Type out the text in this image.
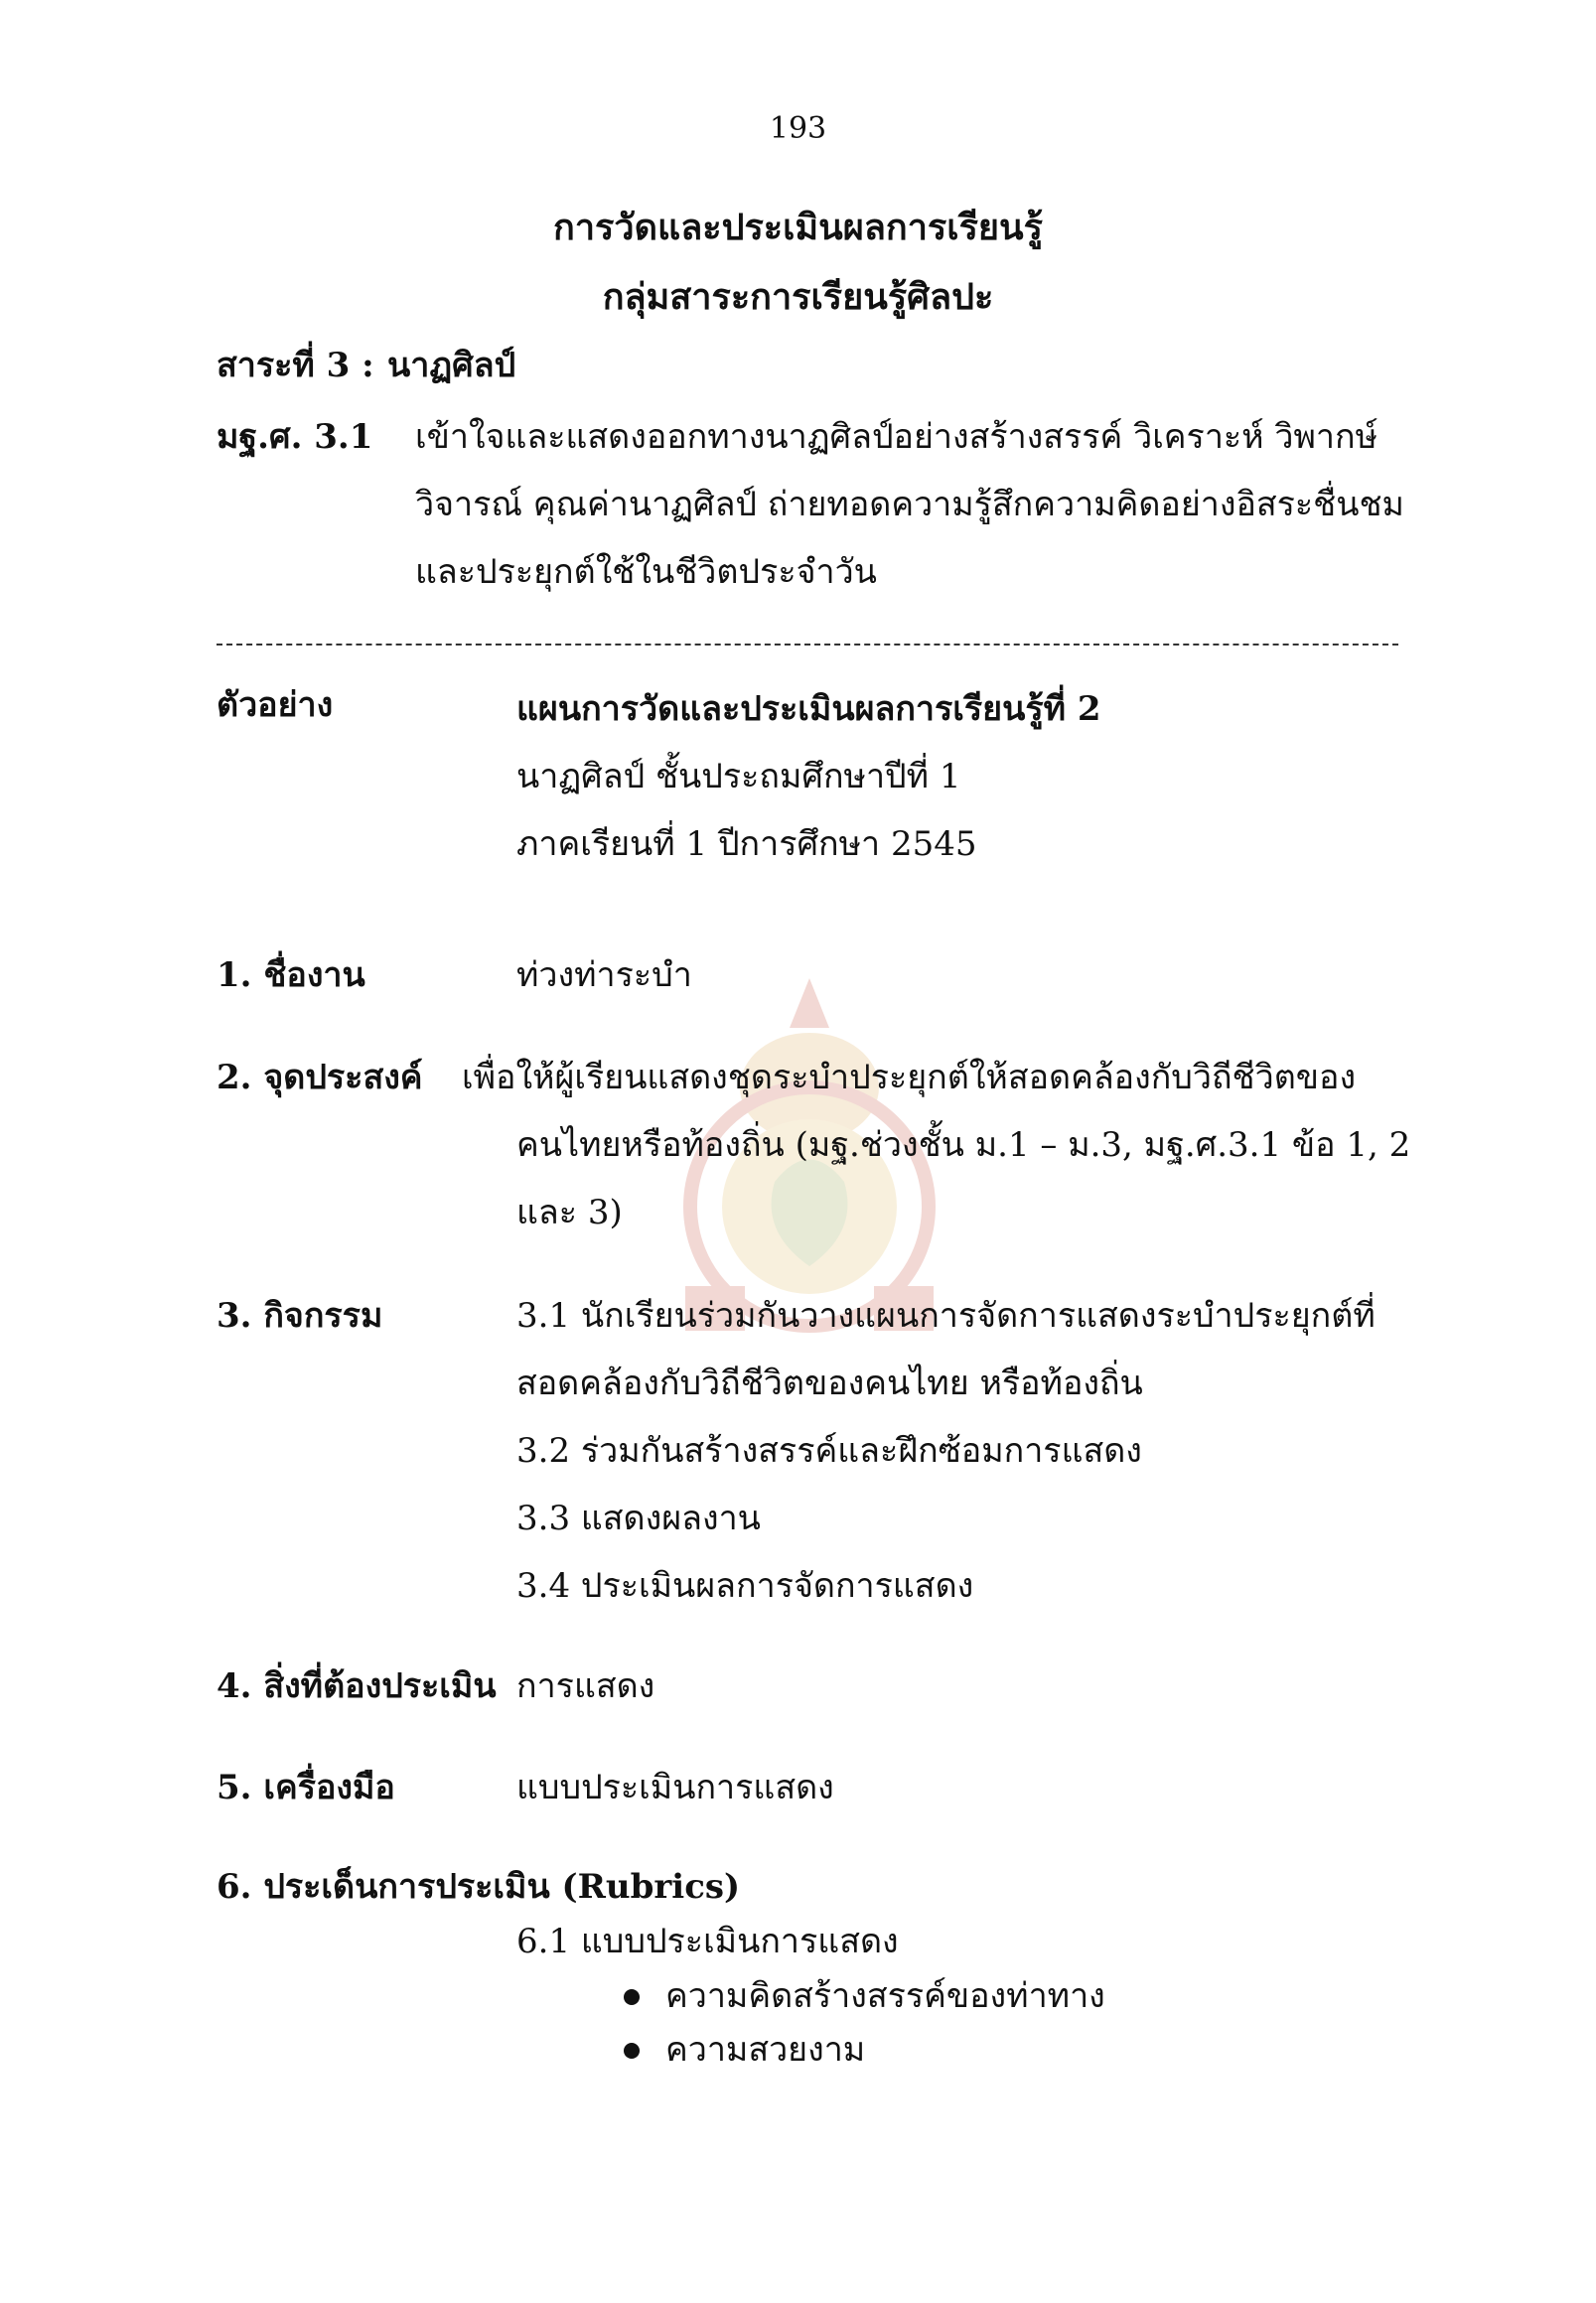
193
การวัดและประเมินผลการเรียนรู้
กลุ่มสาระการเรียนรู้ศิลปะ
สาระที่ 3 : นาฏศิลป์
มฐ.ศ. 3.1 เข้าใจและแสดงออกทางนาฏศิลป์อย่างสร้างสรรค์ วิเคราะห์ วิพากษ์
วิจารณ์ คุณค่านาฏศิลป์ ถ่ายทอดความรู้สึกความคิดอย่างอิสระชื่นชม
และประยุกต์ใช้ในชีวิตประจำวัน
ตัวอย่าง	แผนการวัดและประเมินผลการเรียนรู้ที่ 2
นาฏศิลป์ ชั้นประถมศึกษาปีที่ 1
ภาคเรียนที่ 1 ปีการศึกษา 2545
1. ชื่องาน	ท่วงท่าระบำ
2. จุดประสงค์ เพื่อให้ผู้เรียนแสดงชุดระบำประยุกต์ให้สอดคล้องกับวิถีชีวิตของ
คนไทยหรือท้องถิ่น (มฐ.ช่วงชั้น ม.1 – ม.3, มฐ.ศ.3.1 ข้อ 1, 2
และ 3)
3. กิจกรรม	3.1 นักเรียนร่วมกันวางแผนการจัดการแสดงระบำประยุกต์ที่
สอดคล้องกับวิถีชีวิตของคนไทย หรือท้องถิ่น
3.2 ร่วมกันสร้างสรรค์และฝึกซ้อมการแสดง
3.3 แสดงผลงาน
3.4 ประเมินผลการจัดการแสดง
4. สิ่งที่ต้องประเมิน การแสดง
5. เครื่องมือ	แบบประเมินการแสดง
6. ประเด็นการประเมิน (Rubrics)
6.1 แบบประเมินการแสดง
ความคิดสร้างสรรค์ของท่าทาง
ความสวยงาม
